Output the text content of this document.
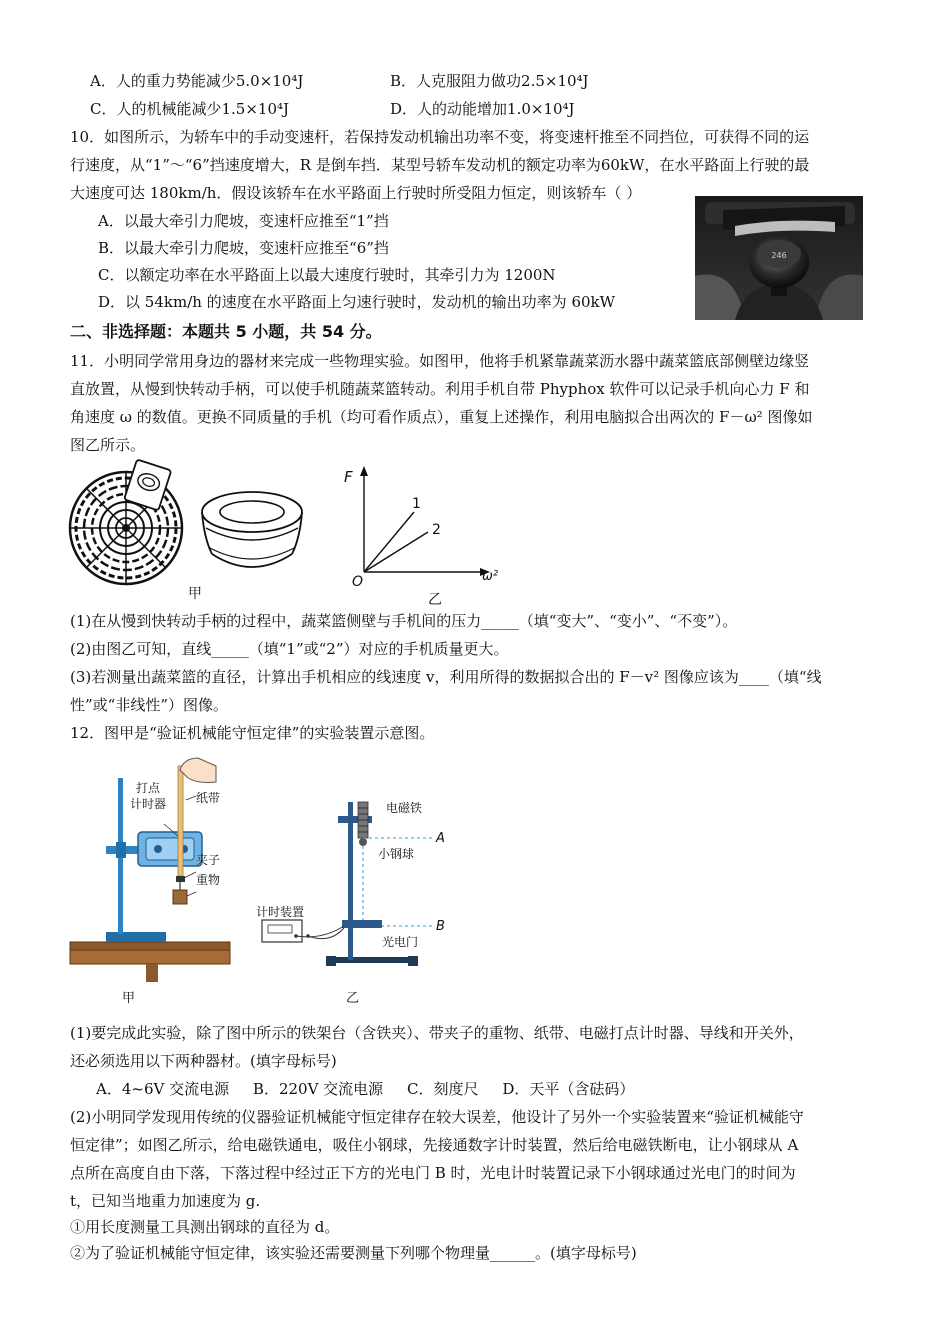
A．人的重力势能减少5.0×10⁴J	B．人克服阻力做功2.5×10⁴J
C．人的机械能减少1.5×10⁴J	D．人的动能增加1.0×10⁴J
10．如图所示，为轿车中的手动变速杆，若保持发动机输出功率不变，将变速杆推至不同挡位，可获得不同的运
行速度，从“1”～“6”挡速度增大，R 是倒车挡．某型号轿车发动机的额定功率为60kW，在水平路面上行驶的最
大速度可达 180km/h．假设该轿车在水平路面上行驶时所受阻力恒定，则该轿车（ ）
A．以最大牵引力爬坡，变速杆应推至“1”挡
B．以最大牵引力爬坡，变速杆应推至“6”挡
C．以额定功率在水平路面上以最大速度行驶时，其牵引力为 1200N
D．以 54km/h 的速度在水平路面上匀速行驶时，发动机的输出功率为 60kW
246
二、非选择题：本题共 5 小题，共 54 分。
11．小明同学常用身边的器材来完成一些物理实验。如图甲，他将手机紧靠蔬菜沥水器中蔬菜篮底部侧壁边缘竖
直放置，从慢到快转动手柄，可以使手机随蔬菜篮转动。利用手机自带 Phyphox 软件可以记录手机向心力 F 和
角速度 ω 的数值。更换不同质量的手机（均可看作质点），重复上述操作，利用电脑拟合出两次的 F－ω² 图像如
图乙所示。
甲
F
ω²
O
1
2
乙
(1)在从慢到快转动手柄的过程中，蔬菜篮侧壁与手机间的压力_____（填“变大”、“变小”、“不变”）。
(2)由图乙可知，直线_____（填“1”或“2”）对应的手机质量更大。
(3)若测量出蔬菜篮的直径，计算出手机相应的线速度 v，利用所得的数据拟合出的 F－v² 图像应该为____（填“线
性”或“非线性”）图像。
12．图甲是“验证机械能守恒定律”的实验装置示意图。
打点
计时器 纸带
夹子
重物
甲
电磁铁
A
小钢球
计时装置
B
光电门
乙
(1)要完成此实验，除了图中所示的铁架台（含铁夹）、带夹子的重物、纸带、电磁打点计时器、导线和开关外，
还必须选用以下两种器材。(填字母标号)
A．4~6V 交流电源     B．220V 交流电源     C．刻度尺     D．天平（含砝码）
(2)小明同学发现用传统的仪器验证机械能守恒定律存在较大误差，他设计了另外一个实验装置来“验证机械能守
恒定律”；如图乙所示，给电磁铁通电，吸住小钢球，先接通数字计时装置，然后给电磁铁断电，让小钢球从 A
点所在高度自由下落，下落过程中经过正下方的光电门 B 时，光电计时装置记录下小钢球通过光电门的时间为
t，已知当地重力加速度为 g.
①用长度测量工具测出钢球的直径为 d。
②为了验证机械能守恒定律，该实验还需要测量下列哪个物理量______。(填字母标号)
